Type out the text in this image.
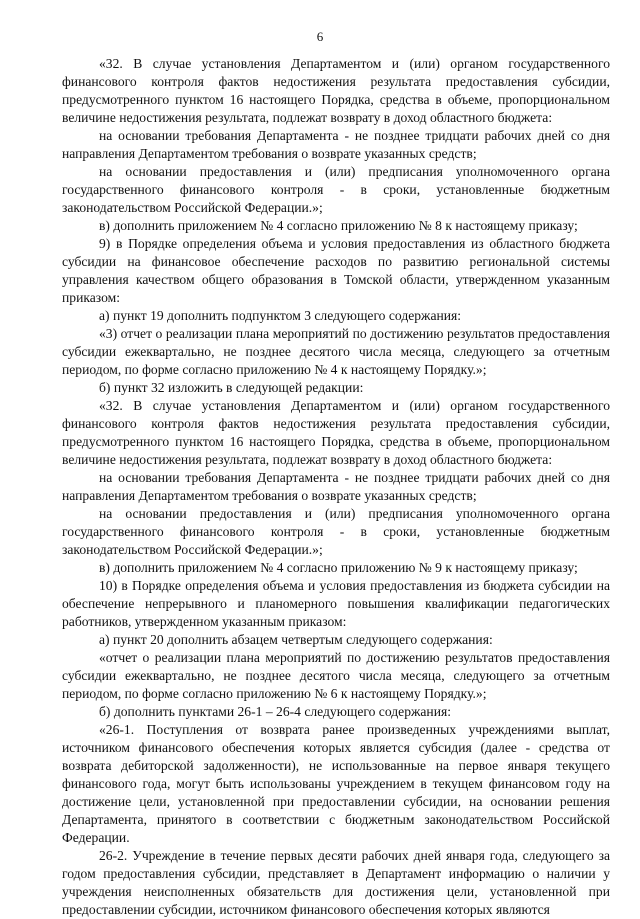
6

«32. В случае установления Департаментом и (или) органом государственного финансового контроля фактов недостижения результата предоставления субсидии, предусмотренного пунктом 16 настоящего Порядка, средства в объеме, пропорциональном величине недостижения результата, подлежат возврату в доход областного бюджета:

на основании требования Департамента - не позднее тридцати рабочих дней со дня направления Департаментом требования о возврате указанных средств;

на основании предоставления и (или) предписания уполномоченного органа государственного финансового контроля - в сроки, установленные бюджетным законодательством Российской Федерации.»;

в) дополнить приложением № 4 согласно приложению № 8 к настоящему приказу;

9) в Порядке определения объема и условия предоставления из областного бюджета субсидии на финансовое обеспечение расходов по развитию региональной системы управления качеством общего образования в Томской области, утвержденном указанным приказом:

а) пункт 19 дополнить подпунктом 3 следующего содержания:

«3) отчет о реализации плана мероприятий по достижению результатов предоставления субсидии ежеквартально, не позднее десятого числа месяца, следующего за отчетным периодом, по форме согласно приложению № 4 к настоящему Порядку.»;

б) пункт 32 изложить в следующей редакции:

«32. В случае установления Департаментом и (или) органом государственного финансового контроля фактов недостижения результата предоставления субсидии, предусмотренного пунктом 16 настоящего Порядка, средства в объеме, пропорциональном величине недостижения результата, подлежат возврату в доход областного бюджета:

на основании требования Департамента - не позднее тридцати рабочих дней со дня направления Департаментом требования о возврате указанных средств;

на основании предоставления и (или) предписания уполномоченного органа государственного финансового контроля - в сроки, установленные бюджетным законодательством Российской Федерации.»;

в) дополнить приложением № 4 согласно приложению № 9 к настоящему приказу;

10) в Порядке определения объема и условия предоставления из бюджета субсидии на обеспечение непрерывного и планомерного повышения квалификации педагогических работников, утвержденном указанным приказом:

а) пункт 20 дополнить абзацем четвертым следующего содержания:

«отчет о реализации плана мероприятий по достижению результатов предоставления субсидии ежеквартально, не позднее десятого числа месяца, следующего за отчетным периодом, по форме согласно приложению № 6 к настоящему Порядку.»;

б) дополнить пунктами 26-1 – 26-4 следующего содержания:

«26-1. Поступления от возврата ранее произведенных учреждениями выплат, источником финансового обеспечения которых является субсидия (далее - средства от возврата дебиторской задолженности), не использованные на первое января текущего финансового года, могут быть использованы учреждением в текущем финансовом году на достижение цели, установленной при предоставлении субсидии, на основании решения Департамента, принятого в соответствии с бюджетным законодательством Российской Федерации.

26-2. Учреждение в течение первых десяти рабочих дней января года, следующего за годом предоставления субсидии, представляет в Департамент информацию о наличии у учреждения неисполненных обязательств для достижения цели, установленной при предоставлении субсидии, источником финансового обеспечения которых являются
